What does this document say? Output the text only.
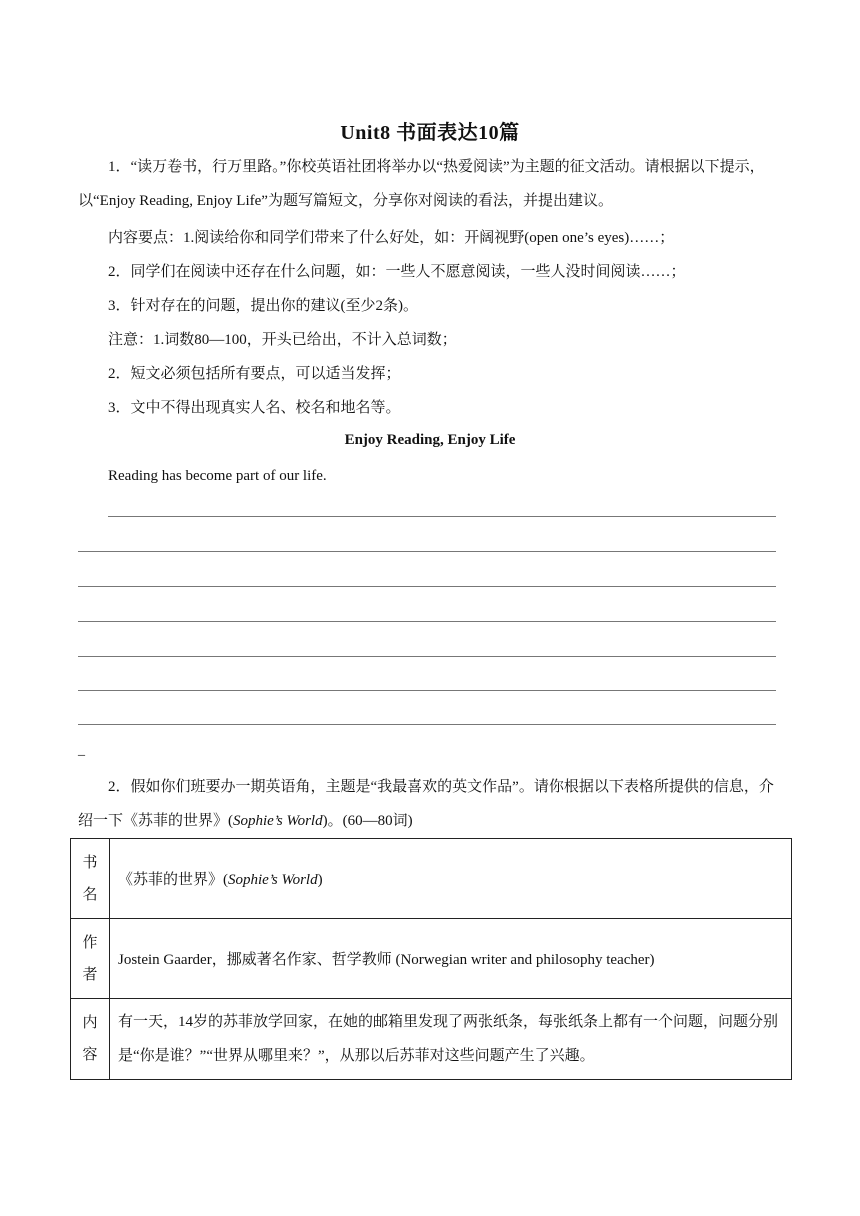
Unit8 书面表达10篇
1．“读万卷书，行万里路。”你校英语社团将举办以“热爱阅读”为主题的征文活动。请根据以下提示，以“Enjoy Reading, Enjoy Life”为题写篇短文，分享你对阅读的看法，并提出建议。
内容要点：1.阅读给你和同学们带来了什么好处，如：开阔视野(open one’s eyes)……；
2．同学们在阅读中还存在什么问题，如：一些人不愿意阅读，一些人没时间阅读……；
3．针对存在的问题，提出你的建议(至少2条)。
注意：1.词数80—100，开头已给出，不计入总词数；
2．短文必须包括所有要点，可以适当发挥；
3．文中不得出现真实人名、校名和地名等。
Enjoy Reading, Enjoy Life
Reading has become part of our life.
_
2．假如你们班要办一期英语角，主题是“我最喜欢的英文作品”。请你根据以下表格所提供的信息，介绍一下《苏菲的世界》(Sophie’s World)。(60—80词)
书
名	《苏菲的世界》(Sophie’s World)
作
者	Jostein Gaarder，挪威著名作家、哲学教师 (Norwegian writer and philosophy teacher)
内
容	有一天，14岁的苏菲放学回家，在她的邮箱里发现了两张纸条，每张纸条上都有一个问题，问题分别是“你是谁？”“世界从哪里来？”，从那以后苏菲对这些问题产生了兴趣。
